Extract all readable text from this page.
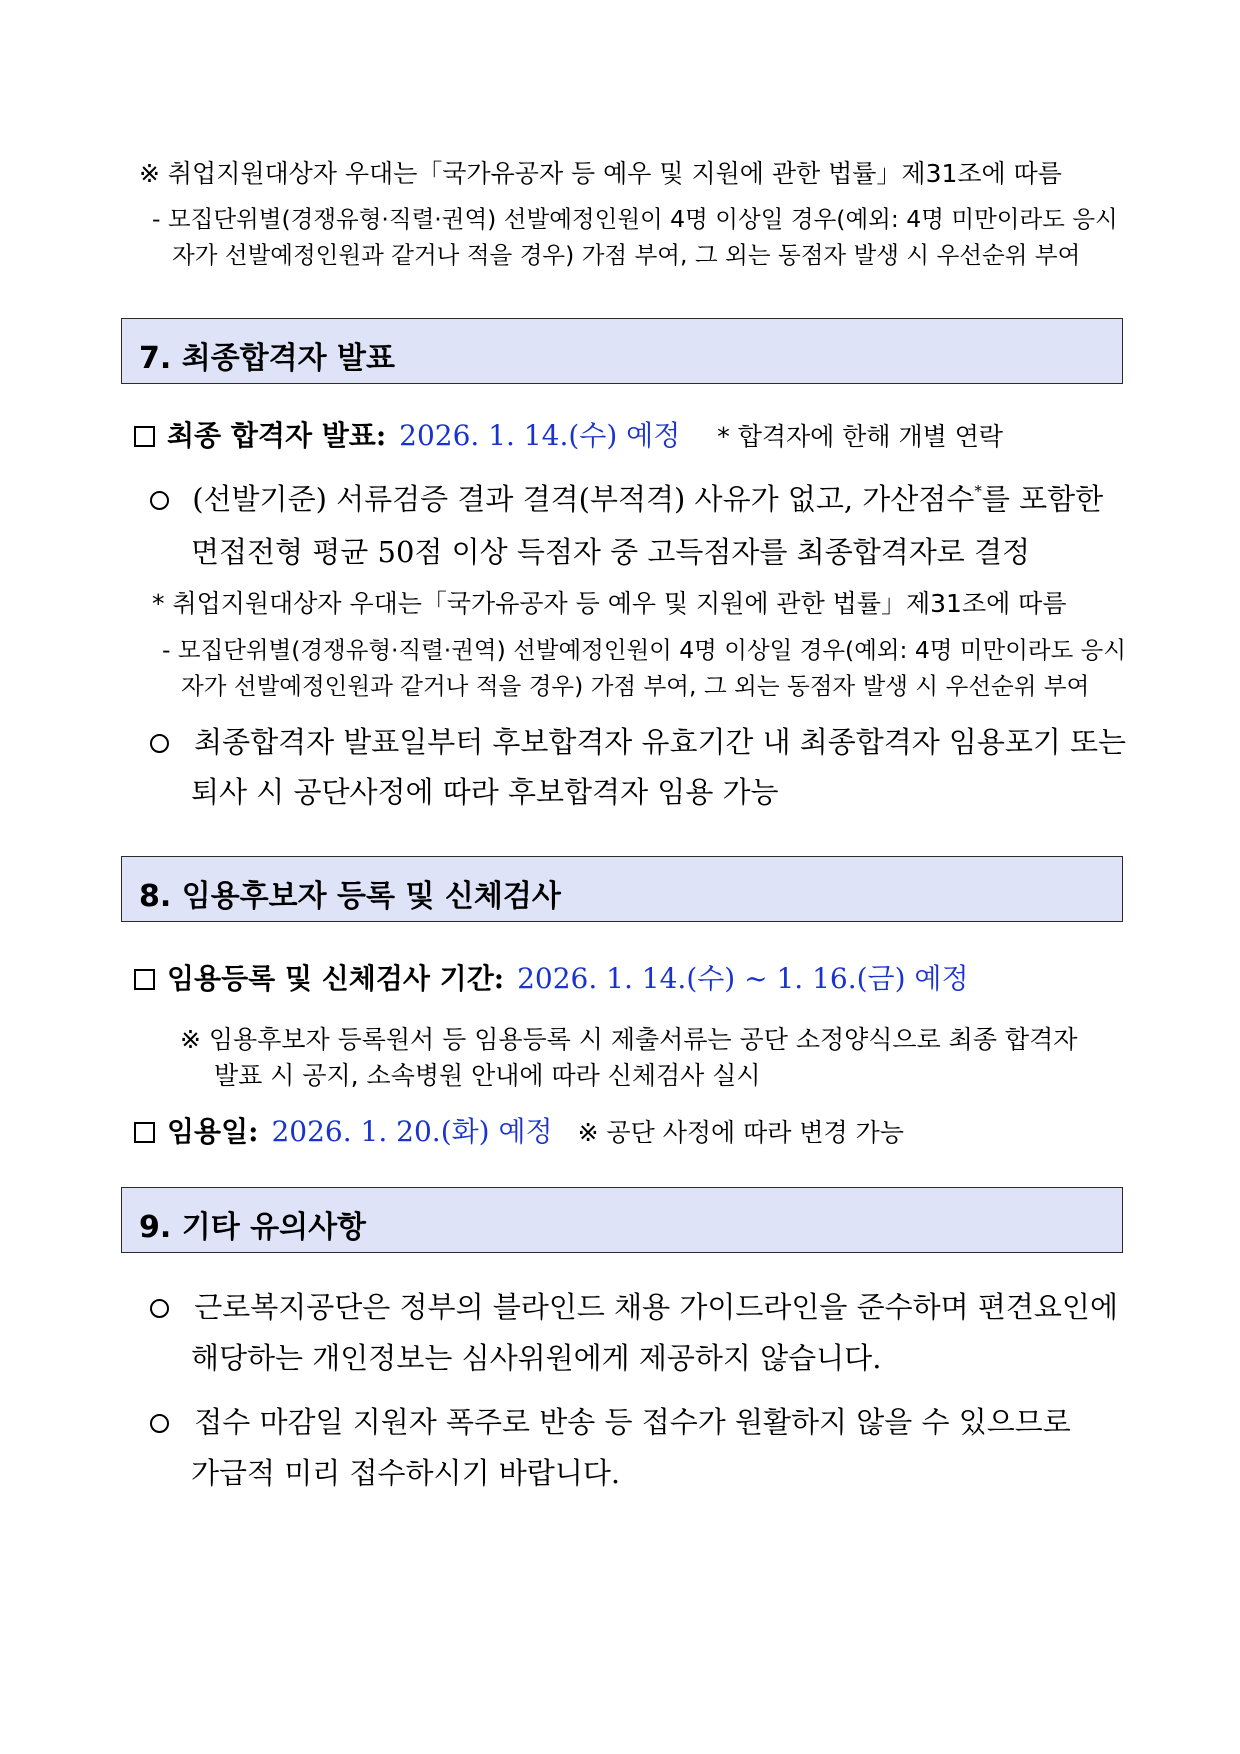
※ 취업지원대상자 우대는「국가유공자 등 예우 및 지원에 관한 법률」제31조에 따름
- 모집단위별(경쟁유형·직렬·권역) 선발예정인원이 4명 이상일 경우(예외: 4명 미만이라도 응시
자가 선발예정인원과 같거나 적을 경우) 가점 부여, 그 외는 동점자 발생 시 우선순위 부여
7. 최종합격자 발표
최종 합격자 발표: 2026. 1. 14.(수) 예정 * 합격자에 한해 개별 연락
(선발기준) 서류검증 결과 결격(부적격) 사유가 없고, 가산점수*를 포함한
면접전형 평균 50점 이상 득점자 중 고득점자를 최종합격자로 결정
* 취업지원대상자 우대는「국가유공자 등 예우 및 지원에 관한 법률」제31조에 따름
- 모집단위별(경쟁유형·직렬·권역) 선발예정인원이 4명 이상일 경우(예외: 4명 미만이라도 응시
자가 선발예정인원과 같거나 적을 경우) 가점 부여, 그 외는 동점자 발생 시 우선순위 부여
최종합격자 발표일부터 후보합격자 유효기간 내 최종합격자 임용포기 또는
퇴사 시 공단사정에 따라 후보합격자 임용 가능
8. 임용후보자 등록 및 신체검사
임용등록 및 신체검사 기간: 2026. 1. 14.(수) ~ 1. 16.(금) 예정
※ 임용후보자 등록원서 등 임용등록 시 제출서류는 공단 소정양식으로 최종 합격자
발표 시 공지, 소속병원 안내에 따라 신체검사 실시
임용일: 2026. 1. 20.(화) 예정 ※ 공단 사정에 따라 변경 가능
9. 기타 유의사항
근로복지공단은 정부의 블라인드 채용 가이드라인을 준수하며 편견요인에
해당하는 개인정보는 심사위원에게 제공하지 않습니다.
접수 마감일 지원자 폭주로 반송 등 접수가 원활하지 않을 수 있으므로
가급적 미리 접수하시기 바랍니다.
